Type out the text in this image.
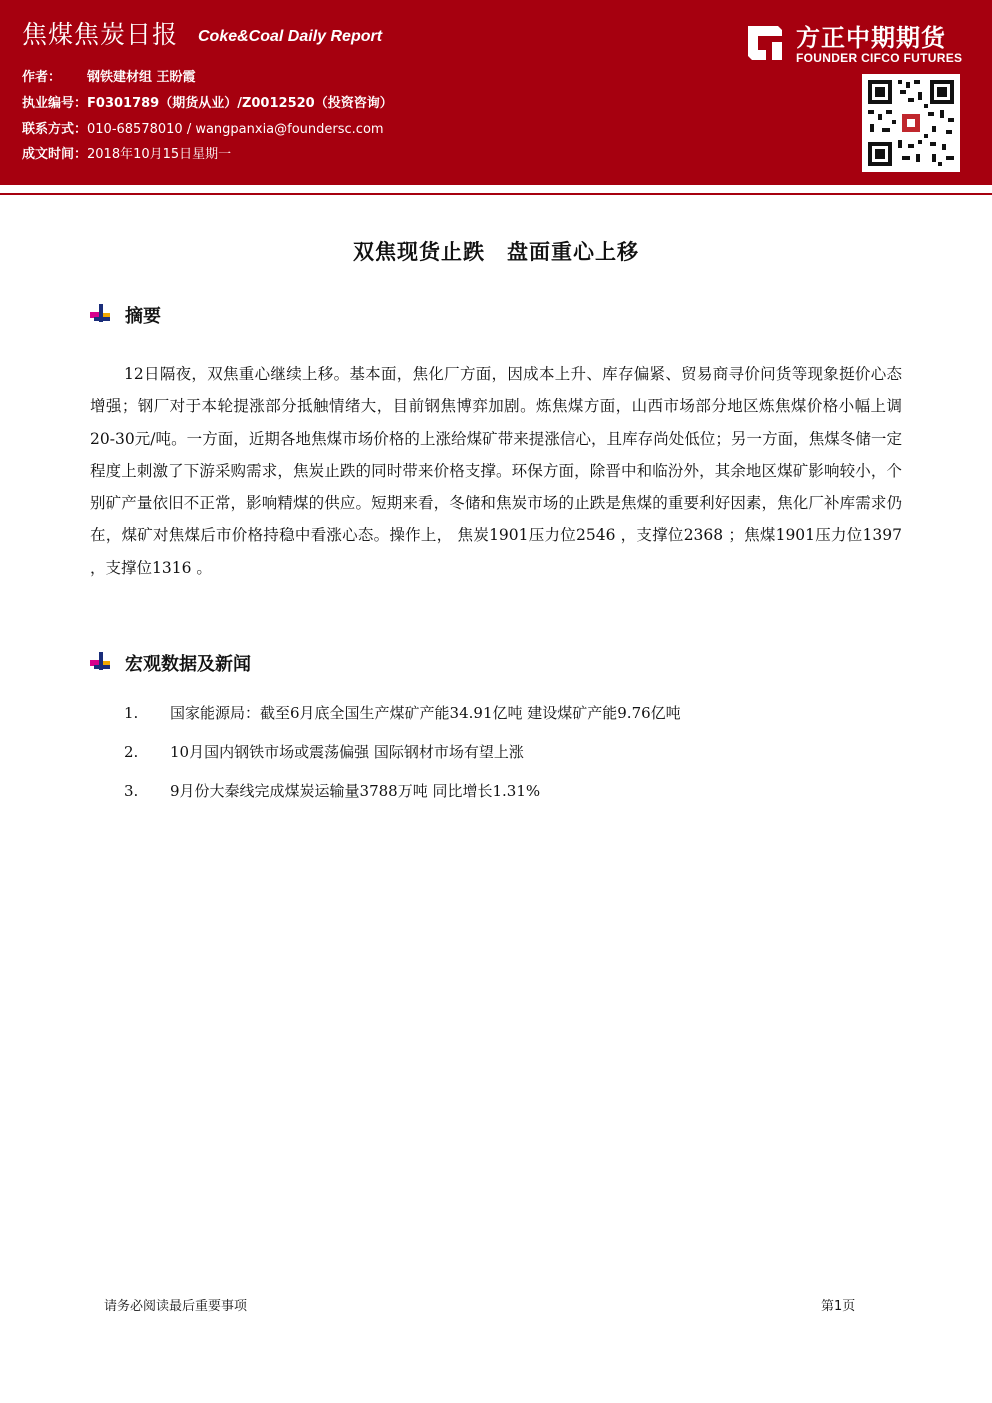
焦煤焦炭日报 Coke&Coal Daily Report
作者： 钢铁建材组 王盼霞
执业编号：F0301789（期货从业）/Z0012520（投资咨询）
联系方式：010-68578010 / wangpanxia@foundersc.com
成文时间：2018年10月15日星期一
方正中期期货
FOUNDER CIFCO FUTURES
双焦现货止跌　盘面重心上移
摘要

12日隔夜，双焦重心继续上移。基本面，焦化厂方面，因成本上升、库存偏紧、贸易商寻价问货等现象挺价心态增强；钢厂对于本轮提涨部分抵触情绪大，目前钢焦博弈加剧。炼焦煤方面，山西市场部分地区炼焦煤价格小幅上调20-30元/吨。一方面，近期各地焦煤市场价格的上涨给煤矿带来提涨信心，且库存尚处低位；另一方面，焦煤冬储一定程度上刺激了下游采购需求，焦炭止跌的同时带来价格支撑。环保方面，除晋中和临汾外，其余地区煤矿影响较小，个别矿产量依旧不正常，影响精煤的供应。短期来看，冬储和焦炭市场的止跌是焦煤的重要利好因素，焦化厂补库需求仍在，煤矿对焦煤后市价格持稳中看涨心态。操作上， 焦炭1901压力位2546 ，支撑位2368 ；焦煤1901压力位1397 ，支撑位1316 。

宏观数据及新闻
1. 国家能源局：截至6月底全国生产煤矿产能34.91亿吨 建设煤矿产能9.76亿吨
2. 10月国内钢铁市场或震荡偏强 国际钢材市场有望上涨
3. 9月份大秦线完成煤炭运输量3788万吨 同比增长1.31%
请务必阅读最后重要事项	第1页
